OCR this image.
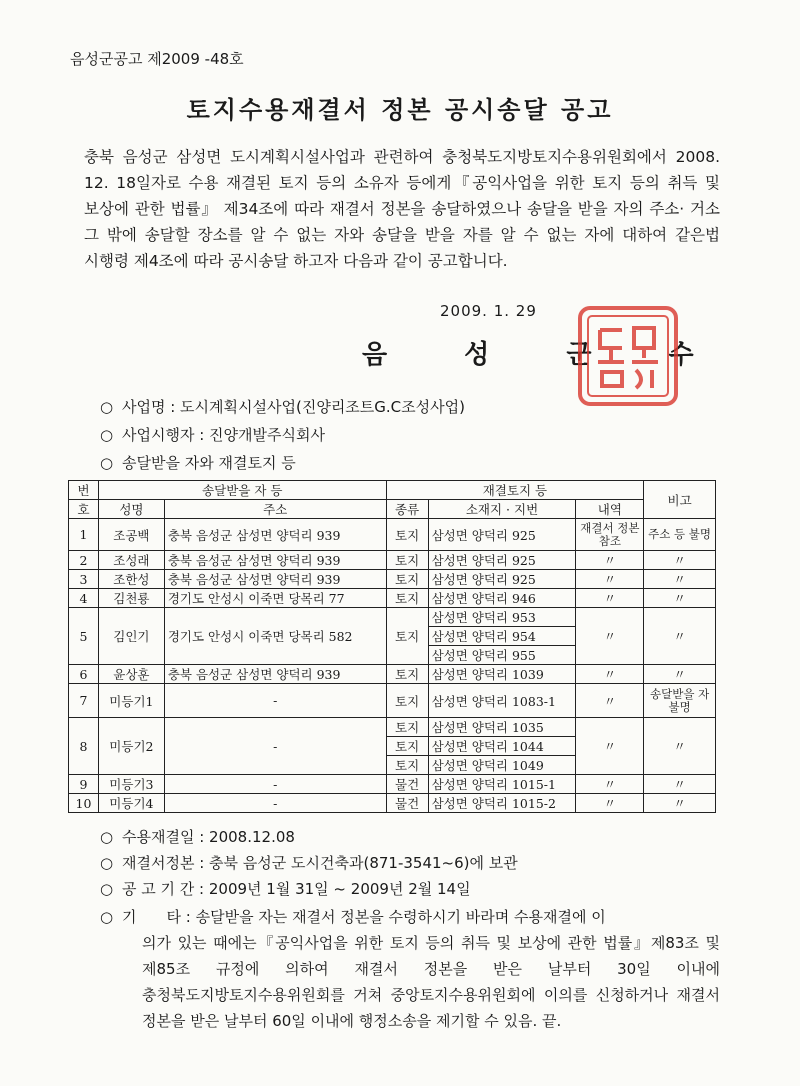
음성군공고 제2009 -48호
토지수용재결서 정본 공시송달 공고
충북 음성군 삼성면 도시계획시설사업과 관련하여 충청북도지방토지수용위원회에서 2008. 12. 18일자로 수용 재결된 토지 등의 소유자 등에게『공익사업을 위한 토지 등의 취득 및 보상에 관한 법률』 제34조에 따라 재결서 정본을 송달하였으나 송달을 받을 자의 주소· 거소 그 밖에 송달할 장소를 알 수 없는 자와 송달을 받을 자를 알 수 없는 자에 대하여 같은법 시행령 제4조에 따라 공시송달 하고자 다음과 같이 공고합니다.
2009. 1. 29
음 성 군 수
○ 사업명 : 도시계획시설사업(진양리조트G.C조성사업)
○ 사업시행자 : 진양개발주식회사
○ 송달받을 자와 재결토지 등
번	송달받을 자 등		재결토지 등			비고
호	성명	주소	종류	소재지 · 지번	내역	
1	조공백	충북 음성군 삼성면 양덕리 939	토지	삼성면 양덕리 925	재결서 정본 참조	주소 등 불명
2	조성래	충북 음성군 삼성면 양덕리 939	토지	삼성면 양덕리 925	〃	〃
3	조한성	충북 음성군 삼성면 양덕리 939	토지	삼성면 양덕리 925	〃	〃
4	김천룡	경기도 안성시 이죽면 당목리 77	토지	삼성면 양덕리 946	〃	〃
5	김인기	경기도 안성시 이죽면 당목리 582	토지	삼성면 양덕리 953	〃	〃
				삼성면 양덕리 954		
				삼성면 양덕리 955		
6	윤상훈	충북 음성군 삼성면 양덕리 939	토지	삼성면 양덕리 1039	〃	〃
7	미등기1	-	토지	삼성면 양덕리 1083-1	〃	송달받을 자 불명
8	미등기2	-	토지	삼성면 양덕리 1035	〃	〃
			토지	삼성면 양덕리 1044		
			토지	삼성면 양덕리 1049		
9	미등기3	-	물건	삼성면 양덕리 1015-1	〃	〃
10	미등기4	-	물건	삼성면 양덕리 1015-2	〃	〃
○ 수용재결일 : 2008.12.08
○ 재결서정본 : 충북 음성군 도시건축과(871-3541~6)에 보관
○ 공 고 기 간 : 2009년 1월 31일 ~ 2009년 2월 14일
○ 기　　타 : 송달받을 자는 재결서 정본을 수령하시기 바라며 수용재결에 이
의가 있는 때에는『공익사업을 위한 토지 등의 취득 및 보상에 관한 법률』제83조 및 제85조 규정에 의하여 재결서 정본을 받은 날부터 30일 이내에 충청북도지방토지수용위원회를 거쳐 중앙토지수용위원회에 이의를 신청하거나 재결서 정본을 받은 날부터 60일 이내에 행정소송을 제기할 수 있음. 끝.
